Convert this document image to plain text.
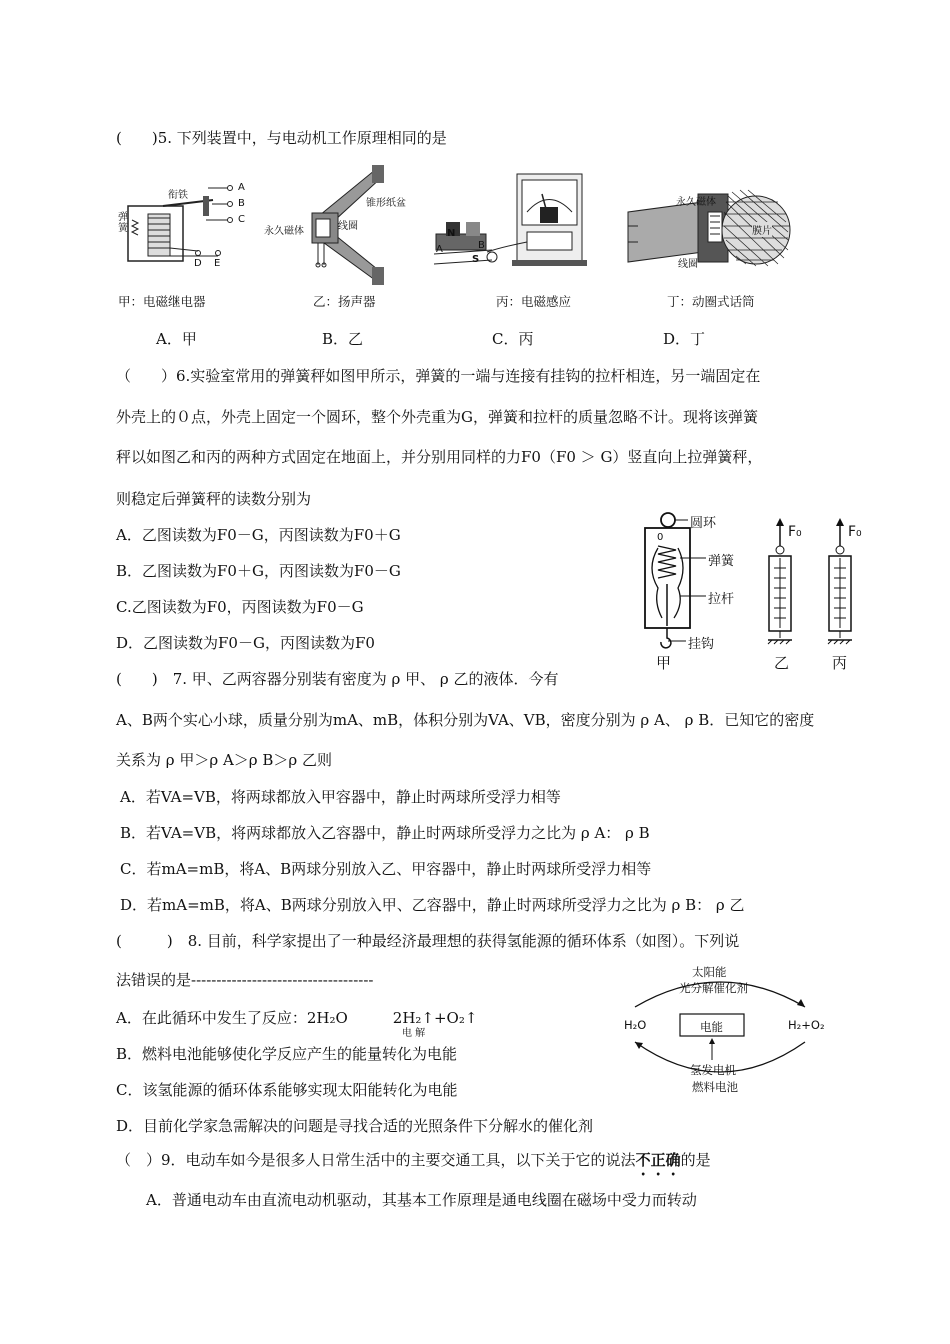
(　　)5. 下列装置中，与电动机工作原理相同的是
衔铁
弹簧
A
B
C
D E
锥形纸盆
永久磁体	线圈
N
A	B
S
永久磁体
膜片
线圈
甲：电磁继电器	乙：扬声器	丙：电磁感应	丁：动圈式话筒
A．甲	B．乙	C．丙	D．丁
（　　）6.实验室常用的弹簧秤如图甲所示，弹簧的一端与连接有挂钩的拉杆相连，另一端固定在
外壳上的０点，外壳上固定一个圆环，整个外壳重为G，弹簧和拉杆的质量忽略不计。现将该弹簧
秤以如图乙和丙的两种方式固定在地面上，并分别用同样的力F0（F0 ＞ G）竖直向上拉弹簧秤，
则稳定后弹簧秤的读数分别为
A．乙图读数为F0－G，丙图读数为F0＋G
B．乙图读数为F0＋G，丙图读数为F0－G
C.乙图读数为F0，丙图读数为F0－G
D．乙图读数为F0－G，丙图读数为F0
圆环
弹簧
拉杆
挂钩
0	F₀	F₀
甲	乙	丙
(　　)　7. 甲、乙两容器分别装有密度为 ρ 甲、 ρ 乙的液体．今有
A、B两个实心小球，质量分别为mA、mB，体积分别为VA、VB，密度分别为 ρ A、 ρ B．已知它的密度
关系为 ρ 甲＞ρ A＞ρ B＞ρ 乙则
A．若VA=VB，将两球都放入甲容器中，静止时两球所受浮力相等
B．若VA=VB，将两球都放入乙容器中，静止时两球所受浮力之比为 ρ A： ρ B
C．若mA=mB，将A、B两球分别放入乙、甲容器中，静止时两球所受浮力相等
D．若mA=mB，将A、B两球分别放入甲、乙容器中，静止时两球所受浮力之比为 ρ B： ρ 乙
(　　　)　8. 目前，科学家提出了一种最经济最理想的获得氢能源的循环体系（如图）。下列说
法错误的是------------------------------------
A．在此循环中发生了反应：2H₂O　　　2H₂↑+O₂↑
电 解
B．燃料电池能够使化学反应产生的能量转化为电能
C．该氢能源的循环体系能够实现太阳能转化为电能
D．目前化学家急需解决的问题是寻找合适的光照条件下分解水的催化剂
太阳能
光分解催化剂
H₂O	电能	H₂+O₂
氢发电机
燃料电池
（　）9．电动车如今是很多人日常生活中的主要交通工具，以下关于它的说法不正确的是
A．普通电动车由直流电动机驱动，其基本工作原理是通电线圈在磁场中受力而转动
